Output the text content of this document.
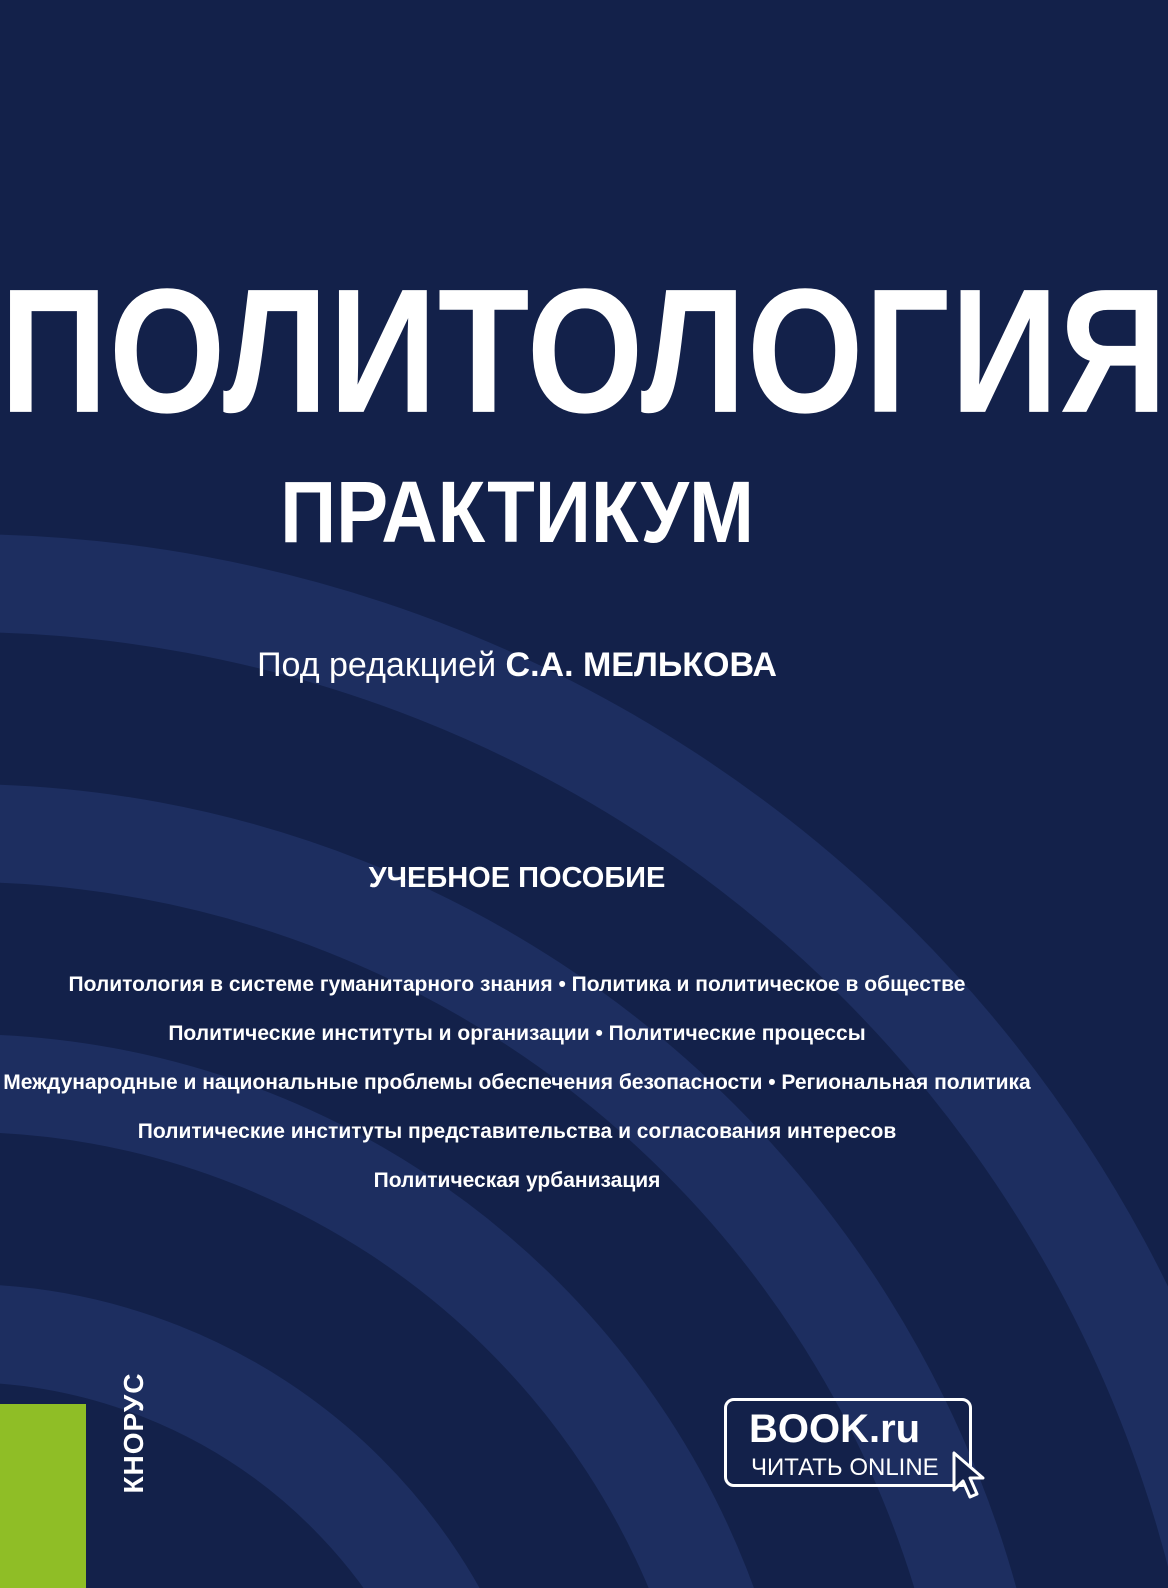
ПОЛИТОЛОГИЯ
ПРАКТИКУМ
Под редакцией С.А. МЕЛЬКОВА
УЧЕБНОЕ ПОСОБИЕ
Политология в системе гуманитарного знания • Политика и политическое в обществе
Политические институты и организации • Политические процессы
Международные и национальные проблемы обеспечения безопасности • Региональная политика
Политические институты представительства и согласования интересов
Политическая урбанизация
КНОРУС	BOOK.ru
ЧИТАТЬ ONLINE
